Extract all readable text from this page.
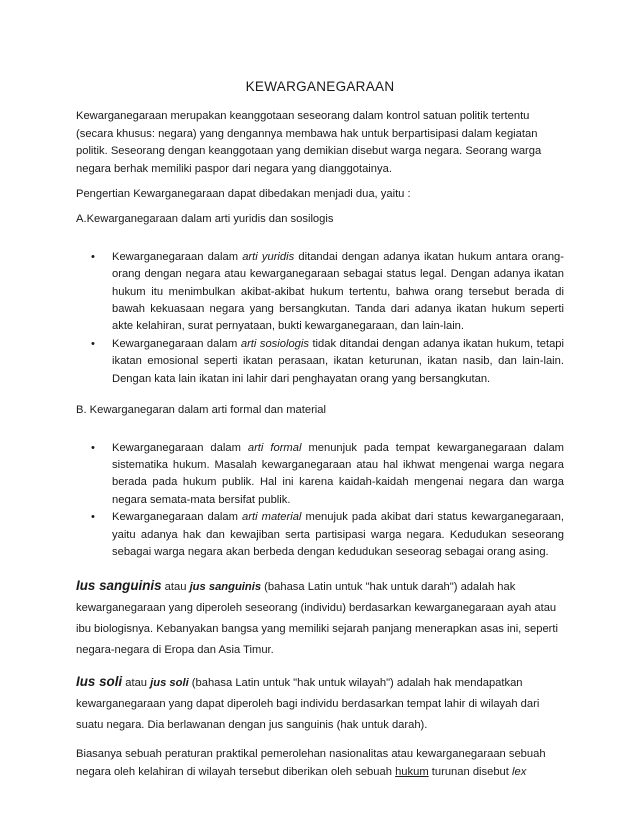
KEWARGANEGARAAN

Kewarganegaraan merupakan keanggotaan seseorang dalam kontrol satuan politik tertentu (secara khusus: negara) yang dengannya membawa hak untuk berpartisipasi dalam kegiatan politik. Seseorang dengan keanggotaan yang demikian disebut warga negara. Seorang warga negara berhak memiliki paspor dari negara yang dianggotainya.

Pengertian Kewarganegaraan dapat dibedakan menjadi dua, yaitu :

A.Kewarganegaraan dalam arti yuridis dan sosilogis

• Kewarganegaraan dalam arti yuridis ditandai dengan adanya ikatan hukum antara orang-orang dengan negara atau kewarganegaraan sebagai status legal. Dengan adanya ikatan hukum itu menimbulkan akibat-akibat hukum tertentu, bahwa orang tersebut berada di bawah kekuasaan negara yang bersangkutan. Tanda dari adanya ikatan hukum seperti akte kelahiran, surat pernyataan, bukti kewarganegaraan, dan lain-lain.
• Kewarganegaraan dalam arti sosiologis tidak ditandai dengan adanya ikatan hukum, tetapi ikatan emosional seperti ikatan perasaan, ikatan keturunan, ikatan nasib, dan lain-lain. Dengan kata lain ikatan ini lahir dari penghayatan orang yang bersangkutan.

B. Kewarganegaran dalam arti formal dan material

• Kewarganegaraan dalam arti formal menunjuk pada tempat kewarganegaraan dalam sistematika hukum. Masalah kewarganegaraan atau hal ikhwat mengenai warga negara berada pada hukum publik. Hal ini karena kaidah-kaidah mengenai negara dan warga negara semata-mata bersifat publik.
• Kewarganegaraan dalam arti material menujuk pada akibat dari status kewarganegaraan, yaitu adanya hak dan kewajiban serta partisipasi warga negara. Kedudukan seseorang sebagai warga negara akan berbeda dengan kedudukan seseorag sebagai orang asing.

Ius sanguinis atau jus sanguinis (bahasa Latin untuk "hak untuk darah") adalah hak kewarganegaraan yang diperoleh seseorang (individu) berdasarkan kewarganegaraan ayah atau ibu biologisnya. Kebanyakan bangsa yang memiliki sejarah panjang menerapkan asas ini, seperti negara-negara di Eropa dan Asia Timur.

Ius soli atau jus soli (bahasa Latin untuk "hak untuk wilayah") adalah hak mendapatkan kewarganegaraan yang dapat diperoleh bagi individu berdasarkan tempat lahir di wilayah dari suatu negara. Dia berlawanan dengan jus sanguinis (hak untuk darah).

Biasanya sebuah peraturan praktikal pemerolehan nasionalitas atau kewarganegaraan sebuah negara oleh kelahiran di wilayah tersebut diberikan oleh sebuah hukum turunan disebut lex
